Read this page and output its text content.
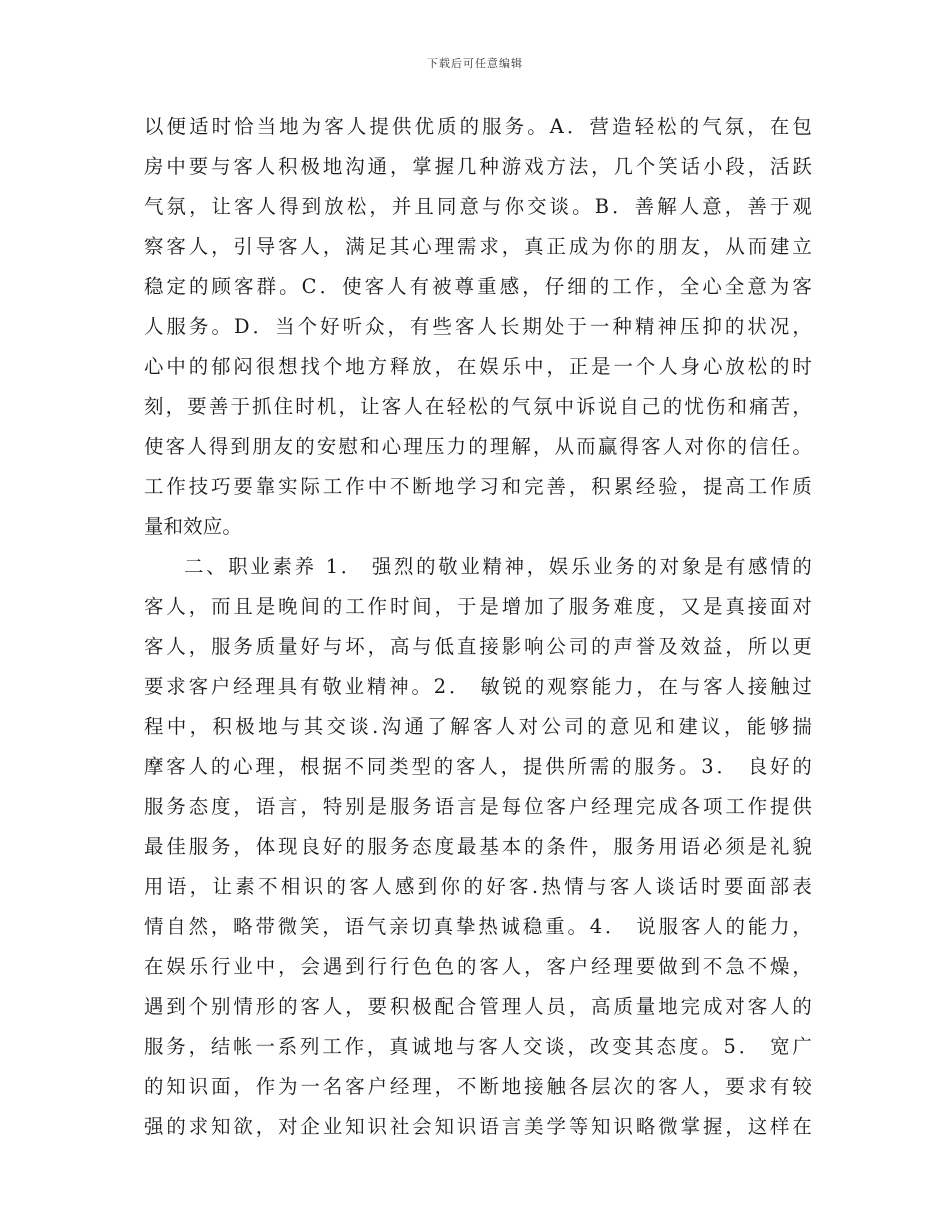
下载后可任意编辑
以便适时恰当地为客人提供优质的服务。A．营造轻松的气氛，在包
房中要与客人积极地沟通，掌握几种游戏方法，几个笑话小段，活跃
气氛，让客人得到放松，并且同意与你交谈。B．善解人意，善于观
察客人，引导客人，满足其心理需求，真正成为你的朋友，从而建立
稳定的顾客群。C．使客人有被尊重感，仔细的工作，全心全意为客
人服务。D．当个好听众，有些客人长期处于一种精神压抑的状况，
心中的郁闷很想找个地方释放，在娱乐中，正是一个人身心放松的时
刻，要善于抓住时机，让客人在轻松的气氛中诉说自己的忧伤和痛苦，
使客人得到朋友的安慰和心理压力的理解，从而赢得客人对你的信任。
工作技巧要靠实际工作中不断地学习和完善，积累经验，提高工作质
量和效应。
二、职业素养 1． 强烈的敬业精神，娱乐业务的对象是有感情的
客人，而且是晚间的工作时间，于是增加了服务难度，又是真接面对
客人，服务质量好与坏，高与低直接影响公司的声誉及效益，所以更
要求客户经理具有敬业精神。2． 敏锐的观察能力，在与客人接触过
程中，积极地与其交谈.沟通了解客人对公司的意见和建议，能够揣
摩客人的心理，根据不同类型的客人，提供所需的服务。3． 良好的
服务态度，语言，特别是服务语言是每位客户经理完成各项工作提供
最佳服务，体现良好的服务态度最基本的条件，服务用语必须是礼貌
用语，让素不相识的客人感到你的好客.热情与客人谈话时要面部表
情自然，略带微笑，语气亲切真挚热诚稳重。4． 说服客人的能力，
在娱乐行业中，会遇到行行色色的客人，客户经理要做到不急不燥，
遇到个别情形的客人，要积极配合管理人员，高质量地完成对客人的
服务，结帐一系列工作，真诚地与客人交谈，改变其态度。5． 宽广
的知识面，作为一名客户经理，不断地接触各层次的客人，要求有较
强的求知欲，对企业知识社会知识语言美学等知识略微掌握，这样在
